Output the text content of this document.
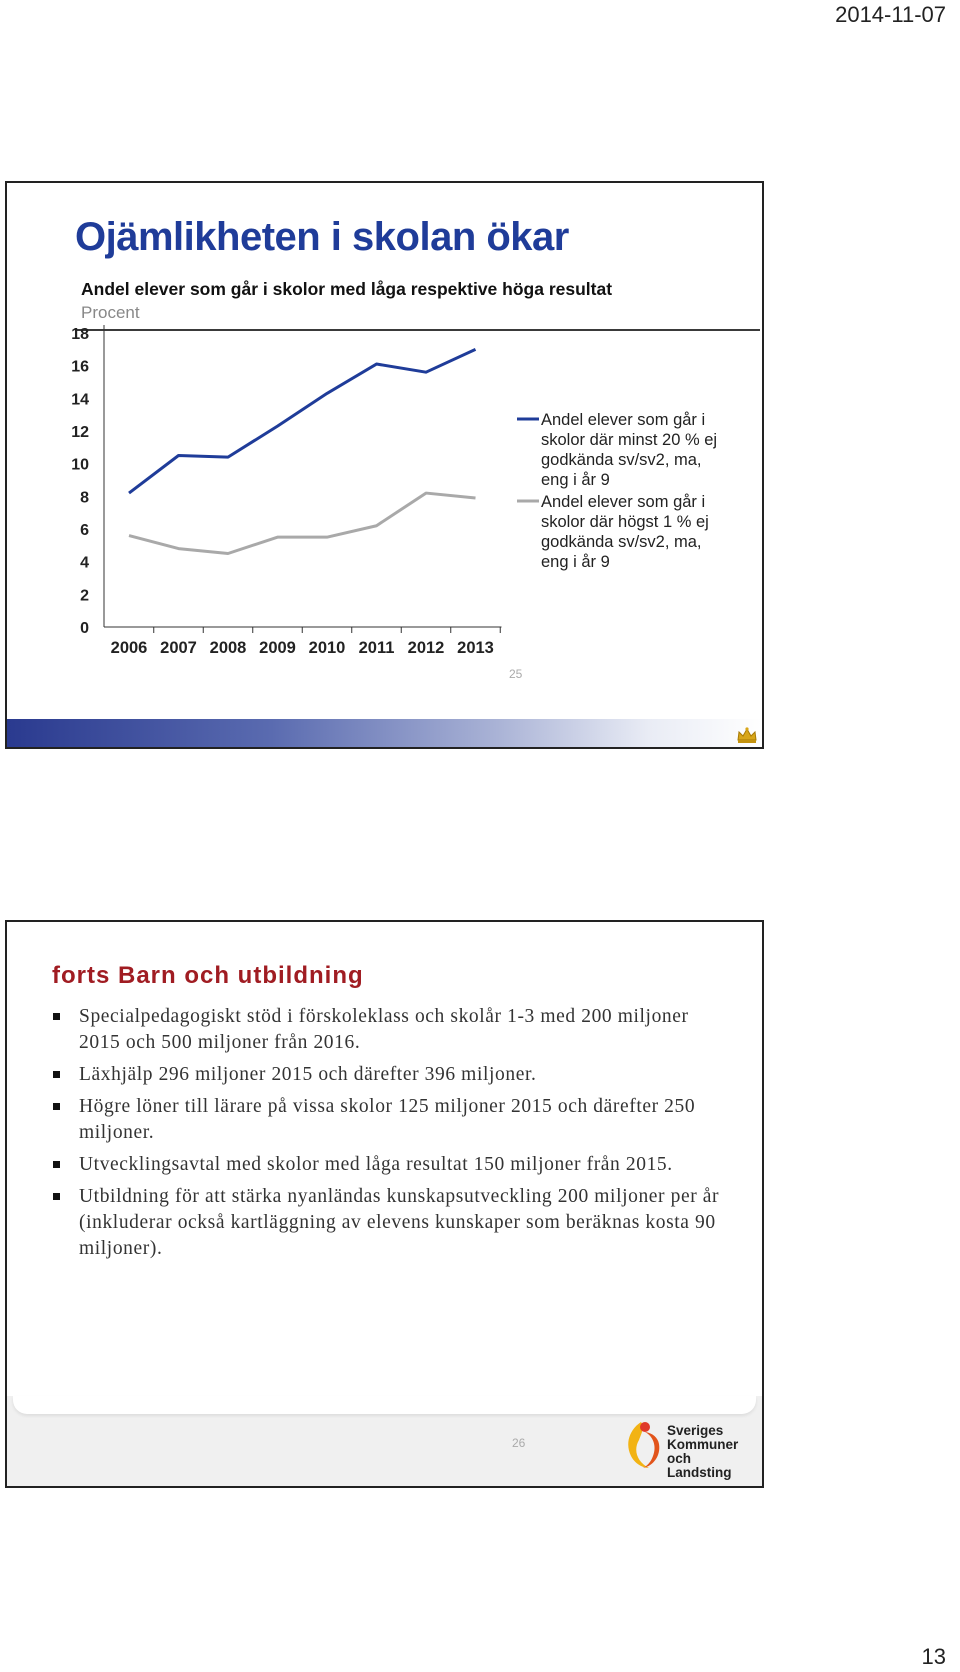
2014-11-07
Ojämlikheten i skolan ökar
Andel elever som går i skolor med låga respektive höga resultat
Procent
0
2
4
6
8
10
12
14
16
18
2006 2007 2008 2009 2010 2011 2012 2013
Andel elever som går i
skolor där minst 20 % ej
godkända sv/sv2, ma,
eng i år 9
Andel elever som går i
skolor där högst 1 % ej
godkända sv/sv2, ma,
eng i år 9
25
forts Barn och utbildning
Specialpedagogiskt stöd i förskoleklass och skolår 1-3 med 200 miljoner 2015 och 500 miljoner från 2016.
Läxhjälp 296 miljoner 2015 och därefter 396 miljoner.
Högre löner till lärare på vissa skolor 125 miljoner 2015 och därefter 250 miljoner.
Utvecklingsavtal med skolor med låga resultat 150 miljoner från 2015.
Utbildning för att stärka nyanländas kunskapsutveckling 200 miljoner per år (inkluderar också kartläggning av elevens kunskaper som beräknas kosta 90 miljoner).
26
Sveriges
Kommuner
och Landsting
13
